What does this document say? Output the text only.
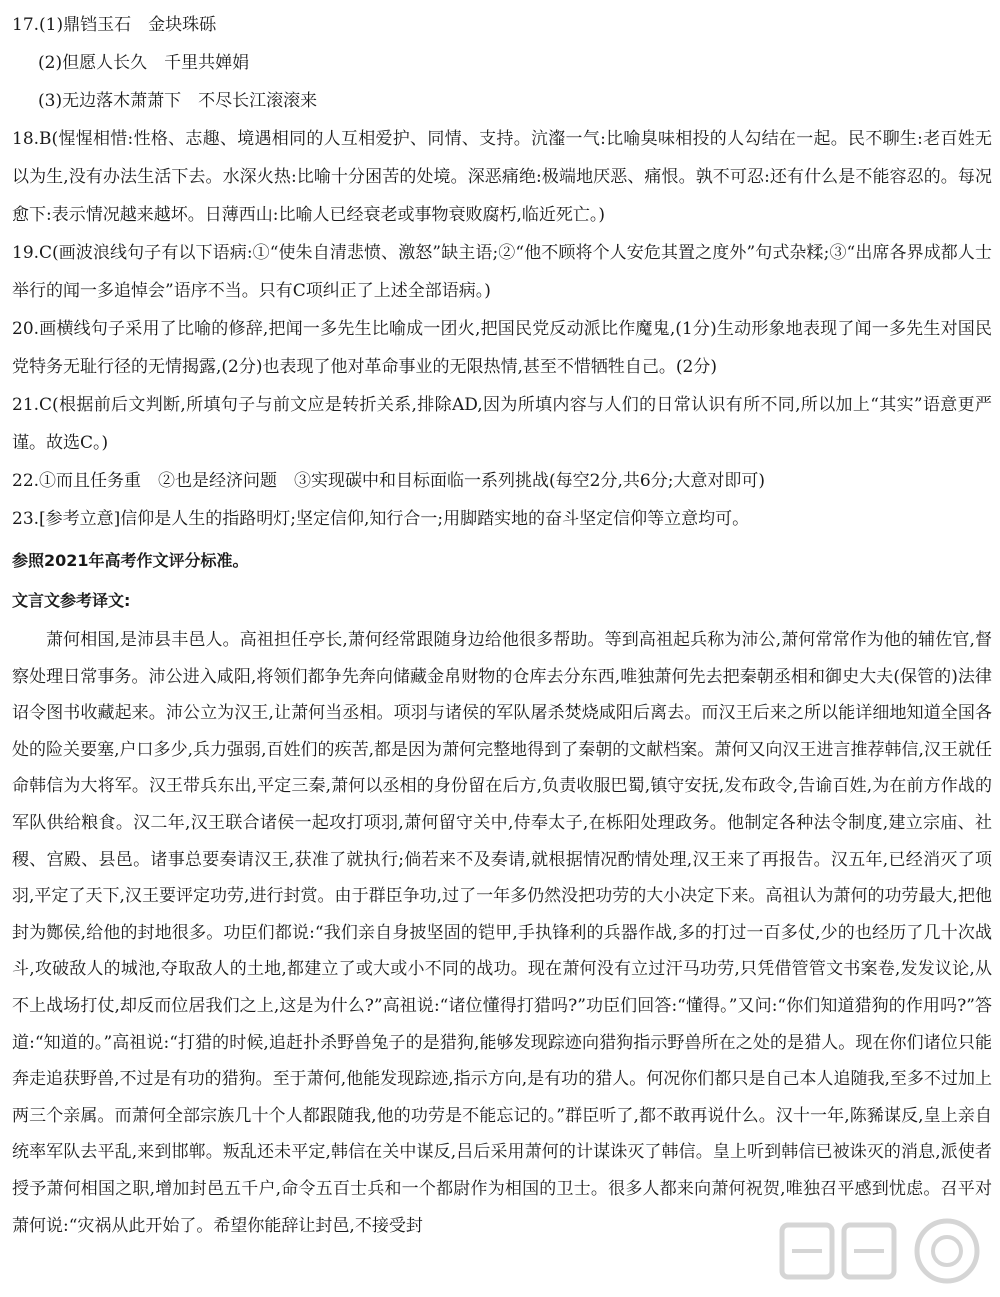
17.(1)鼎铛玉石　金块珠砾

(2)但愿人长久　千里共婵娟

(3)无边落木萧萧下　不尽长江滚滚来

18.B(惺惺相惜:性格、志趣、境遇相同的人互相爱护、同情、支持。沆瀣一气:比喻臭味相投的人勾结在一起。民不聊生:老百姓无以为生,没有办法生活下去。水深火热:比喻十分困苦的处境。深恶痛绝:极端地厌恶、痛恨。孰不可忍:还有什么是不能容忍的。每况愈下:表示情况越来越坏。日薄西山:比喻人已经衰老或事物衰败腐朽,临近死亡。)

19.C(画波浪线句子有以下语病:①“使朱自清悲愤、激怒”缺主语;②“他不顾将个人安危其置之度外”句式杂糅;③“出席各界成都人士举行的闻一多追悼会”语序不当。只有C项纠正了上述全部语病。)

20.画横线句子采用了比喻的修辞,把闻一多先生比喻成一团火,把国民党反动派比作魔鬼,(1分)生动形象地表现了闻一多先生对国民党特务无耻行径的无情揭露,(2分)也表现了他对革命事业的无限热情,甚至不惜牺牲自己。(2分)

21.C(根据前后文判断,所填句子与前文应是转折关系,排除AD,因为所填内容与人们的日常认识有所不同,所以加上“其实”语意更严谨。故选C。)

22.①而且任务重　②也是经济问题　③实现碳中和目标面临一系列挑战(每空2分,共6分;大意对即可)

23.[参考立意]信仰是人生的指路明灯;坚定信仰,知行合一;用脚踏实地的奋斗坚定信仰等立意均可。

参照2021年高考作文评分标准。

文言文参考译文:

萧何相国,是沛县丰邑人。高祖担任亭长,萧何经常跟随身边给他很多帮助。等到高祖起兵称为沛公,萧何常常作为他的辅佐官,督察处理日常事务。沛公进入咸阳,将领们都争先奔向储藏金帛财物的仓库去分东西,唯独萧何先去把秦朝丞相和御史大夫(保管的)法律诏令图书收藏起来。沛公立为汉王,让萧何当丞相。项羽与诸侯的军队屠杀焚烧咸阳后离去。而汉王后来之所以能详细地知道全国各处的险关要塞,户口多少,兵力强弱,百姓们的疾苦,都是因为萧何完整地得到了秦朝的文献档案。萧何又向汉王进言推荐韩信,汉王就任命韩信为大将军。汉王带兵东出,平定三秦,萧何以丞相的身份留在后方,负责收服巴蜀,镇守安抚,发布政令,告谕百姓,为在前方作战的军队供给粮食。汉二年,汉王联合诸侯一起攻打项羽,萧何留守关中,侍奉太子,在栎阳处理政务。他制定各种法令制度,建立宗庙、社稷、宫殿、县邑。诸事总要奏请汉王,获准了就执行;倘若来不及奏请,就根据情况酌情处理,汉王来了再报告。汉五年,已经消灭了项羽,平定了天下,汉王要评定功劳,进行封赏。由于群臣争功,过了一年多仍然没把功劳的大小决定下来。高祖认为萧何的功劳最大,把他封为酂侯,给他的封地很多。功臣们都说:“我们亲自身披坚固的铠甲,手执锋利的兵器作战,多的打过一百多仗,少的也经历了几十次战斗,攻破敌人的城池,夺取敌人的土地,都建立了或大或小不同的战功。现在萧何没有立过汗马功劳,只凭借管管文书案卷,发发议论,从不上战场打仗,却反而位居我们之上,这是为什么?”高祖说:“诸位懂得打猎吗?”功臣们回答:“懂得。”又问:“你们知道猎狗的作用吗?”答道:“知道的。”高祖说:“打猎的时候,追赶扑杀野兽兔子的是猎狗,能够发现踪迹向猎狗指示野兽所在之处的是猎人。现在你们诸位只能奔走追获野兽,不过是有功的猎狗。至于萧何,他能发现踪迹,指示方向,是有功的猎人。何况你们都只是自己本人追随我,至多不过加上两三个亲属。而萧何全部宗族几十个人都跟随我,他的功劳是不能忘记的。”群臣听了,都不敢再说什么。汉十一年,陈豨谋反,皇上亲自统率军队去平乱,来到邯郸。叛乱还未平定,韩信在关中谋反,吕后采用萧何的计谋诛灭了韩信。皇上听到韩信已被诛灭的消息,派使者授予萧何相国之职,增加封邑五千户,命令五百士兵和一个都尉作为相国的卫士。很多人都来向萧何祝贺,唯独召平感到忧虑。召平对萧何说:“灾祸从此开始了。希望你能辞让封邑,不接受封
